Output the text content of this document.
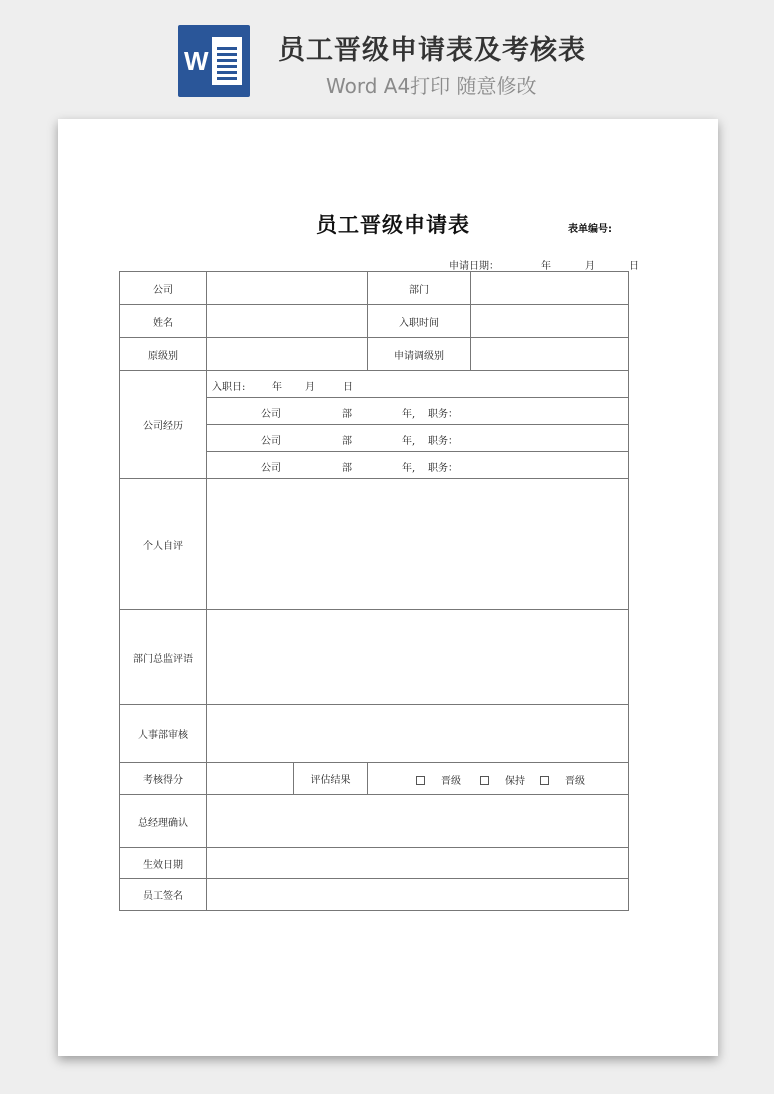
W	员工晋级申请表及考核表
Word A4打印 随意修改
员工晋级申请表	表单编号:
申请日期：	年	月	日
公司			部门	
姓名			入职时间	
原级别			申请调级别	
公司经历	入职日: 年 月 日			

	公司 部 年, 职务：			

	公司 部 年, 职务：			

	公司 部 年, 职务：			

个人自评				
部门总监评语				
人事部审核				
考核得分		评估结果	晋级 保持 晋级	

总经理确认				
生效日期				
员工签名				
